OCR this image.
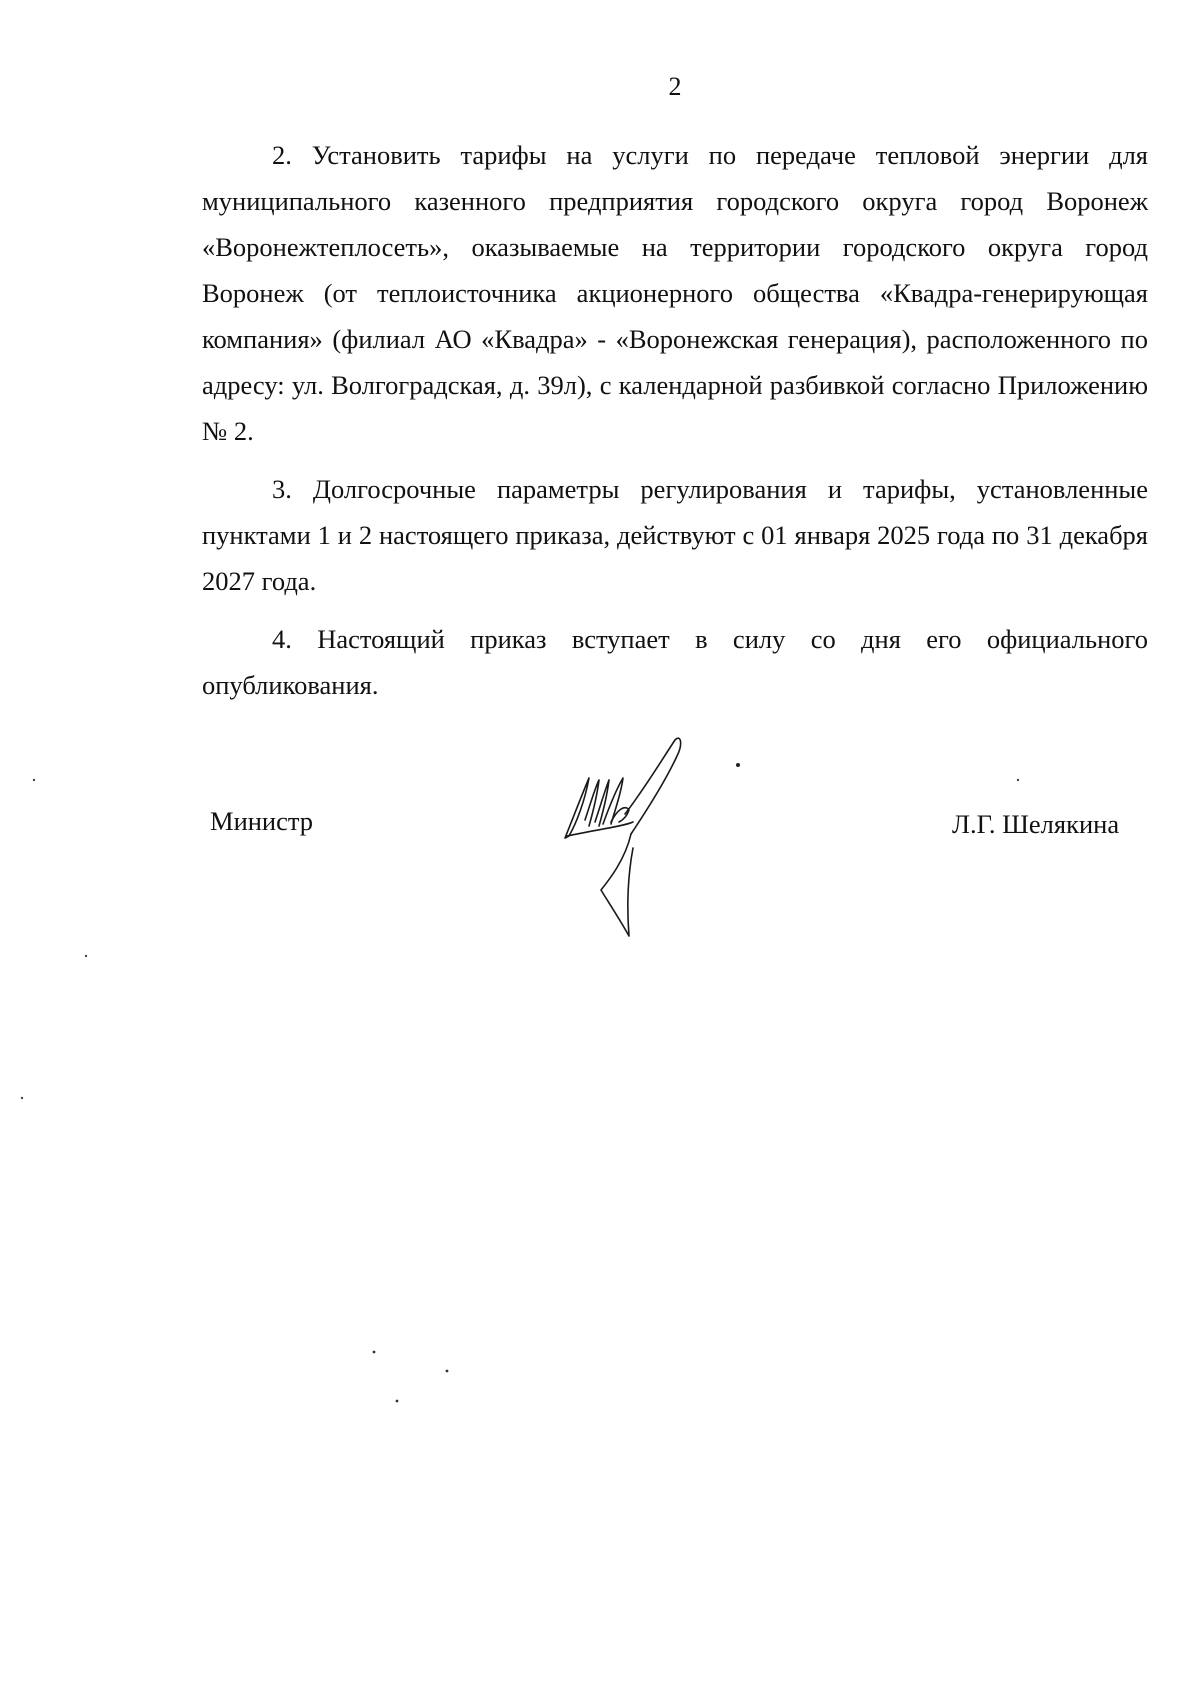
2

2. Установить тарифы на услуги по передаче тепловой энергии для муниципального казенного предприятия городского округа город Воронеж «Воронежтеплосеть», оказываемые на территории городского округа город Воронеж (от теплоисточника акционерного общества «Квадра-генерирующая компания» (филиал АО «Квадра» - «Воронежская генерация), расположенного по адресу: ул. Волгоградская, д. 39л), с календарной разбивкой согласно Приложению № 2.

3. Долгосрочные параметры регулирования и тарифы, установленные пунктами 1 и 2 настоящего приказа, действуют с 01 января 2025 года по 31 декабря 2027 года.

4. Настоящий приказ вступает в силу со дня его официального опубликования.

Министр	Л.Г. Шелякина
